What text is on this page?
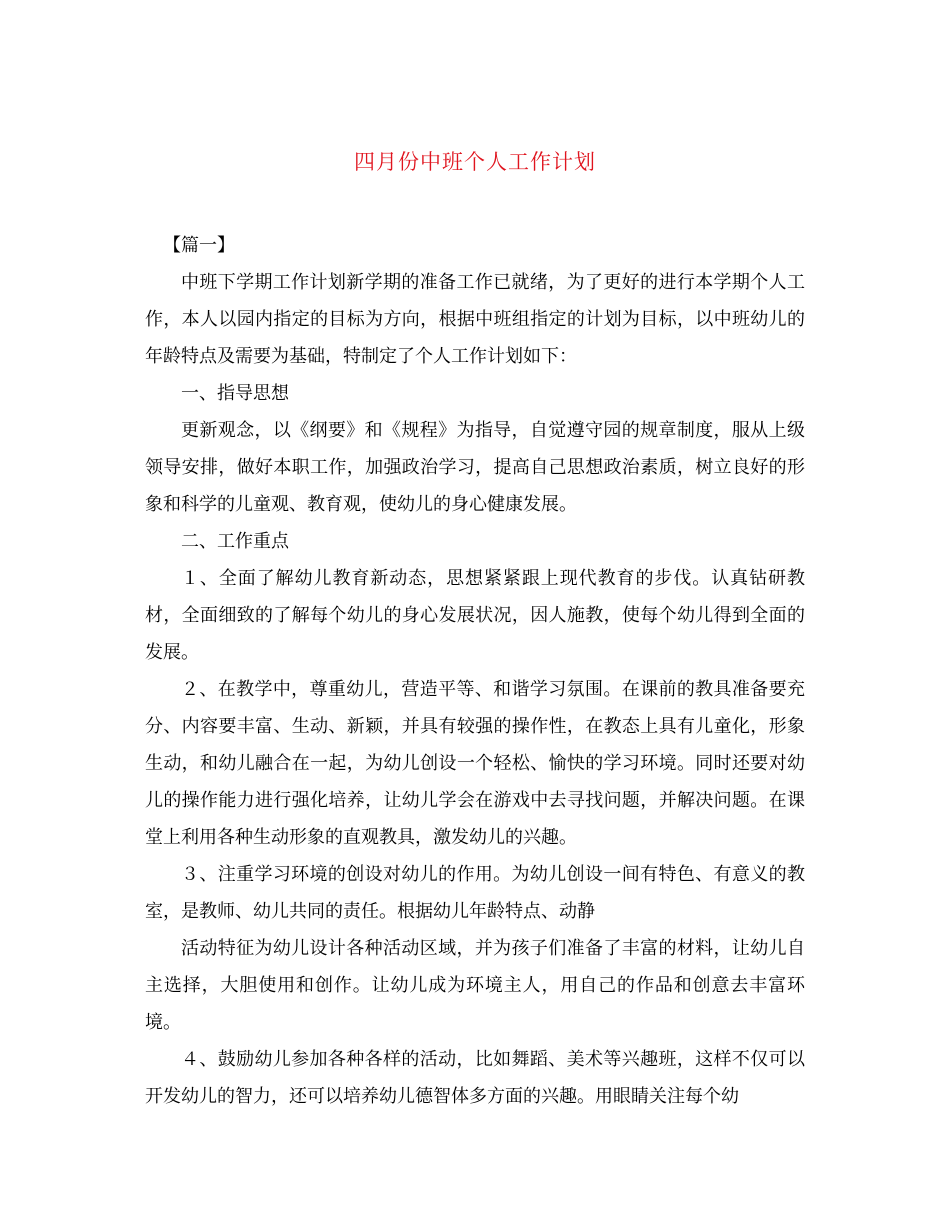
四月份中班个人工作计划

【篇一】

中班下学期工作计划新学期的准备工作已就绪，为了更好的进行本学期个人工作，本人以园内指定的目标为方向，根据中班组指定的计划为目标，以中班幼儿的年龄特点及需要为基础，特制定了个人工作计划如下：

一、指导思想

更新观念，以《纲要》和《规程》为指导，自觉遵守园的规章制度，服从上级领导安排，做好本职工作，加强政治学习，提高自己思想政治素质，树立良好的形象和科学的儿童观、教育观，使幼儿的身心健康发展。

二、工作重点

１、全面了解幼儿教育新动态，思想紧紧跟上现代教育的步伐。认真钻研教材，全面细致的了解每个幼儿的身心发展状况，因人施教，使每个幼儿得到全面的发展。

２、在教学中，尊重幼儿，营造平等、和谐学习氛围。在课前的教具准备要充分、内容要丰富、生动、新颖，并具有较强的操作性，在教态上具有儿童化，形象生动，和幼儿融合在一起，为幼儿创设一个轻松、愉快的学习环境。同时还要对幼儿的操作能力进行强化培养，让幼儿学会在游戏中去寻找问题，并解决问题。在课堂上利用各种生动形象的直观教具，激发幼儿的兴趣。

３、注重学习环境的创设对幼儿的作用。为幼儿创设一间有特色、有意义的教室，是教师、幼儿共同的责任。根据幼儿年龄特点、动静

活动特征为幼儿设计各种活动区域，并为孩子们准备了丰富的材料，让幼儿自主选择，大胆使用和创作。让幼儿成为环境主人，用自己的作品和创意去丰富环境。

４、鼓励幼儿参加各种各样的活动，比如舞蹈、美术等兴趣班，这样不仅可以开发幼儿的智力，还可以培养幼儿德智体多方面的兴趣。用眼睛关注每个幼
